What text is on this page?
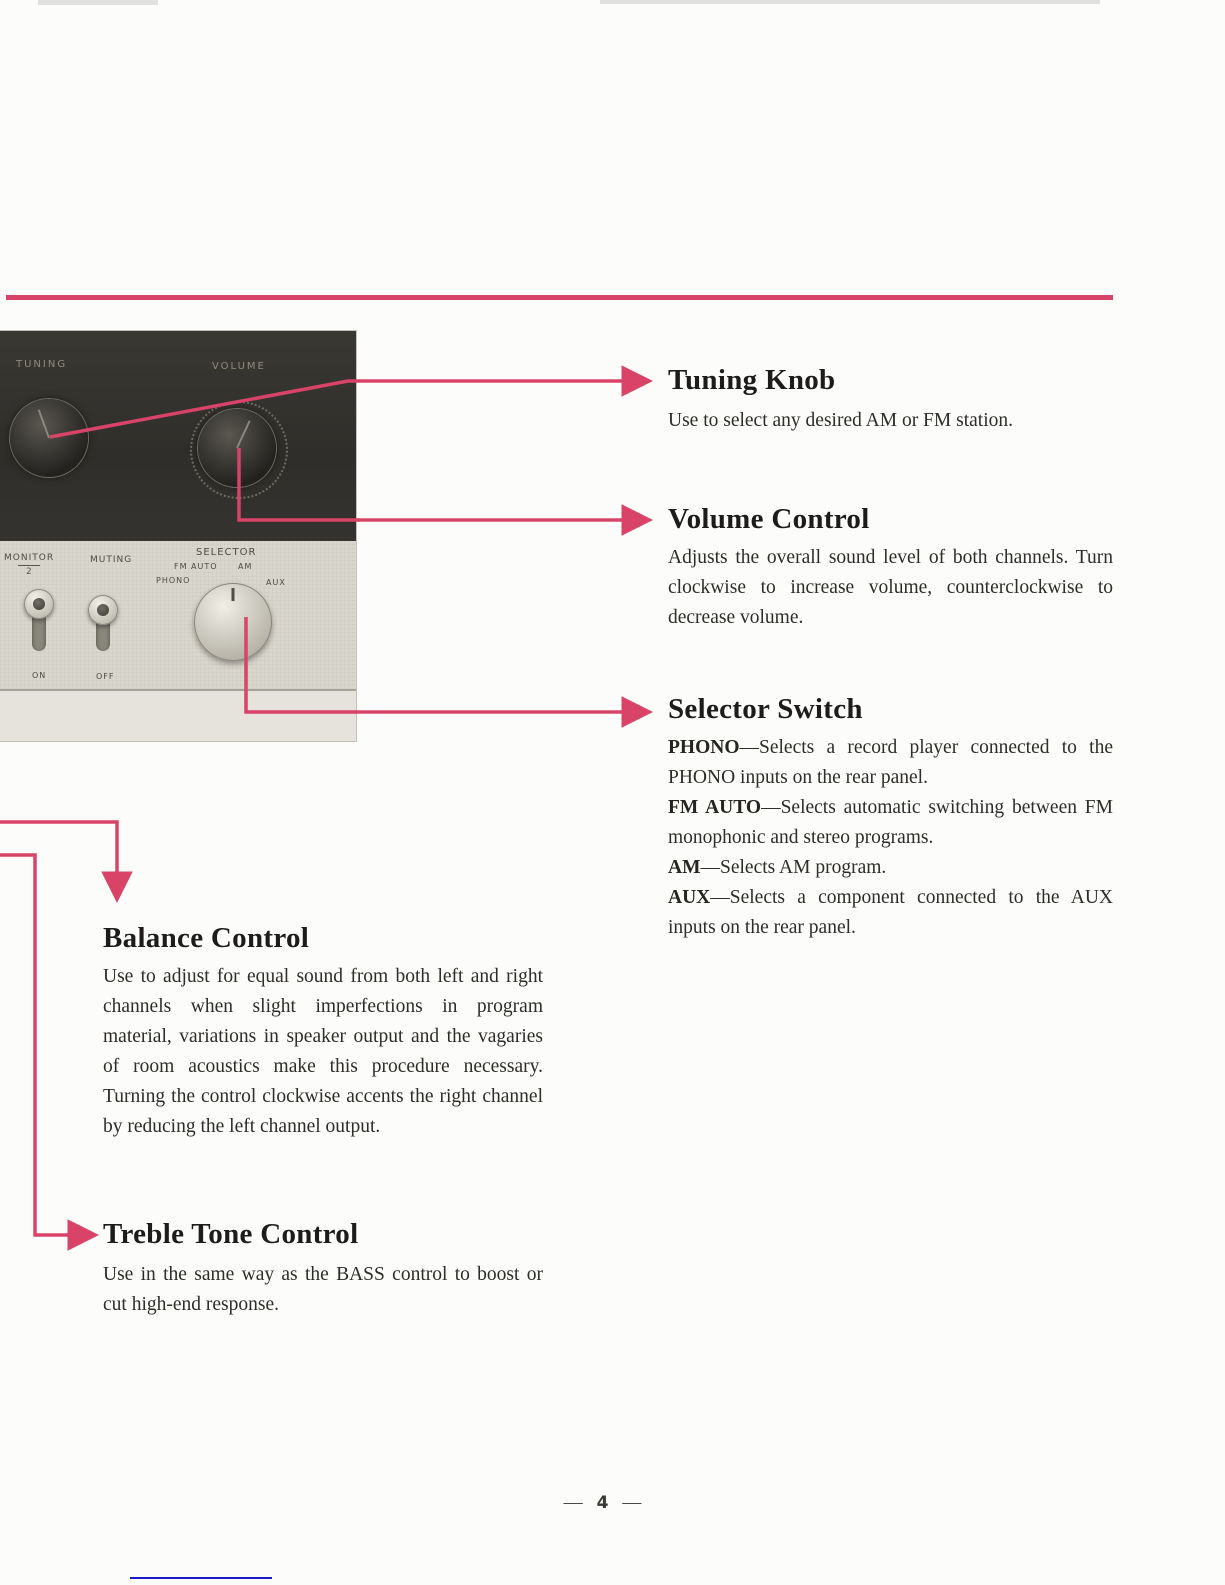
TUNING	VOLUME
MONITOR
2
MUTING
SELECTOR
FM AUTO	AM
PHONO	AUX
ON	OFF
Tuning Knob

Use to select any desired AM or FM station.

Volume Control

Adjusts the overall sound level of both channels. Turn clockwise to increase volume, counterclockwise to decrease volume.

Selector Switch

PHONO—Selects a record player connected to the PHONO inputs on the rear panel.

FM AUTO—Selects automatic switching between FM monophonic and stereo programs.

AM—Selects AM program.

AUX—Selects a component connected to the AUX inputs on the rear panel.

Balance Control

Use to adjust for equal sound from both left and right channels when slight imperfections in program material, variations in speaker output and the vagaries of room acoustics make this procedure necessary. Turning the control clockwise accents the right channel by reducing the left channel output.

Treble Tone Control

Use in the same way as the BASS control to boost or cut high-end response.

— 4 —
